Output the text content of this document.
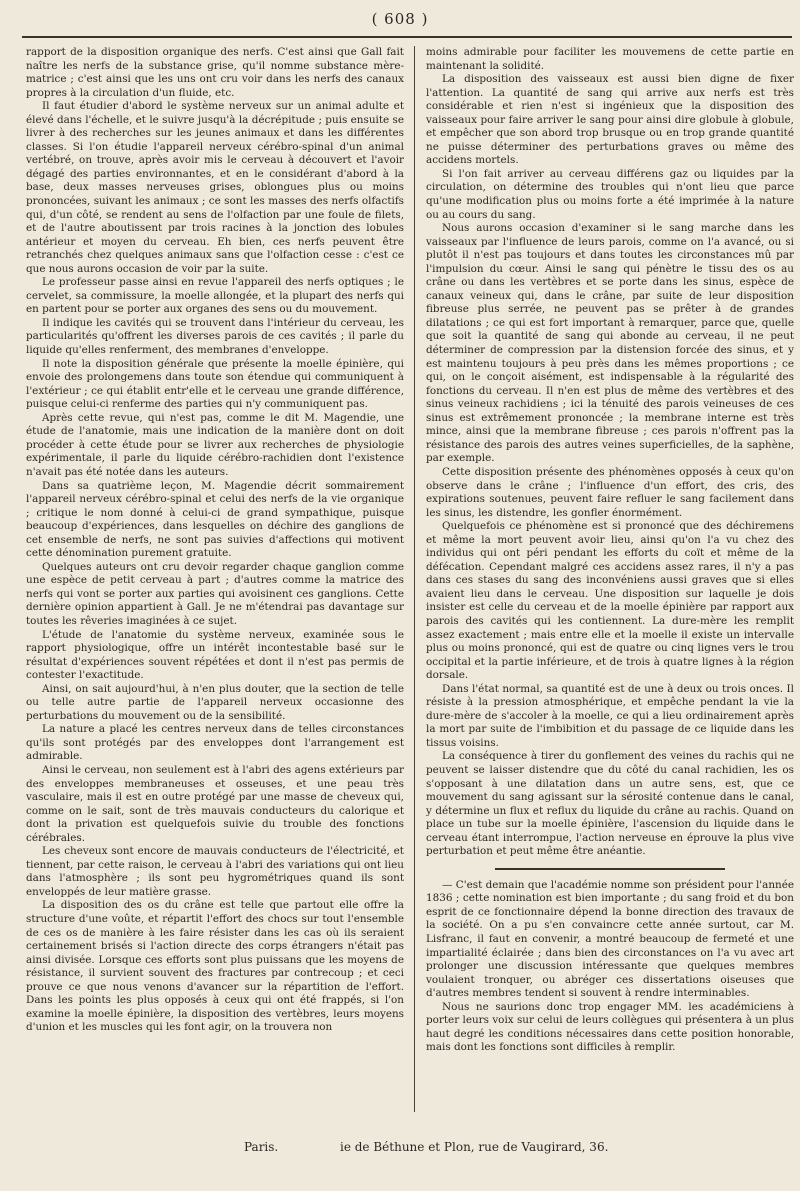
( 608 )

rapport de la disposition organique des nerfs. C'est ainsi que Gall fait naître les nerfs de la substance grise, qu'il nomme substance mère-matrice ; c'est ainsi que les uns ont cru voir dans les nerfs des canaux propres à la circulation d'un fluide, etc.

Il faut étudier d'abord le système nerveux sur un animal adulte et élevé dans l'échelle, et le suivre jusqu'à la décrépitude ; puis ensuite se livrer à des recherches sur les jeunes animaux et dans les différentes classes. Si l'on étudie l'appareil nerveux cérébro-spinal d'un animal vertébré, on trouve, après avoir mis le cerveau à découvert et l'avoir dégagé des parties environnantes, et en le considérant d'abord à la base, deux masses nerveuses grises, oblongues plus ou moins prononcées, suivant les animaux ; ce sont les masses des nerfs olfactifs qui, d'un côté, se rendent au sens de l'olfaction par une foule de filets, et de l'autre aboutissent par trois racines à la jonction des lobules antérieur et moyen du cerveau. Eh bien, ces nerfs peuvent être retranchés chez quelques animaux sans que l'olfaction cesse : c'est ce que nous aurons occasion de voir par la suite.

Le professeur passe ainsi en revue l'appareil des nerfs optiques ; le cervelet, sa commissure, la moelle allongée, et la plupart des nerfs qui en partent pour se porter aux organes des sens ou du mouvement.

Il indique les cavités qui se trouvent dans l'intérieur du cerveau, les particularités qu'offrent les diverses parois de ces cavités ; il parle du liquide qu'elles renferment, des membranes d'enveloppe.

Il note la disposition générale que présente la moelle épinière, qui envoie des prolongemens dans toute son étendue qui communiquent à l'extérieur ; ce qui établit entr'elle et le cerveau une grande différence, puisque celui-ci renferme des parties qui n'y communiquent pas.

Après cette revue, qui n'est pas, comme le dit M. Magendie, une étude de l'anatomie, mais une indication de la manière dont on doit procéder à cette étude pour se livrer aux recherches de physiologie expérimentale, il parle du liquide cérébro-rachidien dont l'existence n'avait pas été notée dans les auteurs.

Dans sa quatrième leçon, M. Magendie décrit sommairement l'appareil nerveux cérébro-spinal et celui des nerfs de la vie organique ; critique le nom donné à celui-ci de grand sympathique, puisque beaucoup d'expériences, dans lesquelles on déchire des ganglions de cet ensemble de nerfs, ne sont pas suivies d'affections qui motivent cette dénomination purement gratuite.

Quelques auteurs ont cru devoir regarder chaque ganglion comme une espèce de petit cerveau à part ; d'autres comme la matrice des nerfs qui vont se porter aux parties qui avoisinent ces ganglions. Cette dernière opinion appartient à Gall. Je ne m'étendrai pas davantage sur toutes les rêveries imaginées à ce sujet.

L'étude de l'anatomie du système nerveux, examinée sous le rapport physiologique, offre un intérêt incontestable basé sur le résultat d'expériences souvent répétées et dont il n'est pas permis de contester l'exactitude.

Ainsi, on sait aujourd'hui, à n'en plus douter, que la section de telle ou telle autre partie de l'appareil nerveux occasionne des perturbations du mouvement ou de la sensibilité.

La nature a placé les centres nerveux dans de telles circonstances qu'ils sont protégés par des enveloppes dont l'arrangement est admirable.

Ainsi le cerveau, non seulement est à l'abri des agens extérieurs par des enveloppes membraneuses et osseuses, et une peau très vasculaire, mais il est en outre protégé par une masse de cheveux qui, comme on le sait, sont de très mauvais conducteurs du calorique et dont la privation est quelquefois suivie du trouble des fonctions cérébrales.

Les cheveux sont encore de mauvais conducteurs de l'électricité, et tiennent, par cette raison, le cerveau à l'abri des variations qui ont lieu dans l'atmosphère ; ils sont peu hygrométriques quand ils sont enveloppés de leur matière grasse.

La disposition des os du crâne est telle que partout elle offre la structure d'une voûte, et répartit l'effort des chocs sur tout l'ensemble de ces os de manière à les faire résister dans les cas où ils seraient certainement brisés si l'action directe des corps étrangers n'était pas ainsi divisée. Lorsque ces efforts sont plus puissans que les moyens de résistance, il survient souvent des fractures par contrecoup ; et ceci prouve ce que nous venons d'avancer sur la répartition de l'effort. Dans les points les plus opposés à ceux qui ont été frappés, si l'on examine la moelle épinière, la disposition des vertèbres, leurs moyens d'union et les muscles qui les font agir, on la trouvera non

moins admirable pour faciliter les mouvemens de cette partie en maintenant la solidité.

La disposition des vaisseaux est aussi bien digne de fixer l'attention. La quantité de sang qui arrive aux nerfs est très considérable et rien n'est si ingénieux que la disposition des vaisseaux pour faire arriver le sang pour ainsi dire globule à globule, et empêcher que son abord trop brusque ou en trop grande quantité ne puisse déterminer des perturbations graves ou même des accidens mortels.

Si l'on fait arriver au cerveau différens gaz ou liquides par la circulation, on détermine des troubles qui n'ont lieu que parce qu'une modification plus ou moins forte a été imprimée à la nature ou au cours du sang.

Nous aurons occasion d'examiner si le sang marche dans les vaisseaux par l'influence de leurs parois, comme on l'a avancé, ou si plutôt il n'est pas toujours et dans toutes les circonstances mû par l'impulsion du cœur. Ainsi le sang qui pénètre le tissu des os au crâne ou dans les vertèbres et se porte dans les sinus, espèce de canaux veineux qui, dans le crâne, par suite de leur disposition fibreuse plus serrée, ne peuvent pas se prêter à de grandes dilatations ; ce qui est fort important à remarquer, parce que, quelle que soit la quantité de sang qui abonde au cerveau, il ne peut déterminer de compression par la distension forcée des sinus, et y est maintenu toujours à peu près dans les mêmes proportions ; ce qui, on le conçoit aisément, est indispensable à la régularité des fonctions du cerveau. Il n'en est plus de même des vertèbres et des sinus veineux rachidiens ; ici la ténuité des parois veineuses de ces sinus est extrêmement prononcée ; la membrane interne est très mince, ainsi que la membrane fibreuse ; ces parois n'offrent pas la résistance des parois des autres veines superficielles, de la saphène, par exemple.

Cette disposition présente des phénomènes opposés à ceux qu'on observe dans le crâne ; l'influence d'un effort, des cris, des expirations soutenues, peuvent faire refluer le sang facilement dans les sinus, les distendre, les gonfler énormément.

Quelquefois ce phénomène est si prononcé que des déchiremens et même la mort peuvent avoir lieu, ainsi qu'on l'a vu chez des individus qui ont péri pendant les efforts du coït et même de la défécation. Cependant malgré ces accidens assez rares, il n'y a pas dans ces stases du sang des inconvéniens aussi graves que si elles avaient lieu dans le cerveau. Une disposition sur laquelle je dois insister est celle du cerveau et de la moelle épinière par rapport aux parois des cavités qui les contiennent. La dure-mère les remplit assez exactement ; mais entre elle et la moelle il existe un intervalle plus ou moins prononcé, qui est de quatre ou cinq lignes vers le trou occipital et la partie inférieure, et de trois à quatre lignes à la région dorsale.

Dans l'état normal, sa quantité est de une à deux ou trois onces. Il résiste à la pression atmosphérique, et empêche pendant la vie la dure-mère de s'accoler à la moelle, ce qui a lieu ordinairement après la mort par suite de l'imbibition et du passage de ce liquide dans les tissus voisins.

La conséquence à tirer du gonflement des veines du rachis qui ne peuvent se laisser distendre que du côté du canal rachidien, les os s'opposant à une dilatation dans un autre sens, est, que ce mouvement du sang agissant sur la sérosité contenue dans le canal, y détermine un flux et reflux du liquide du crâne au rachis. Quand on place un tube sur la moelle épinière, l'ascension du liquide dans le cerveau étant interrompue, l'action nerveuse en éprouve la plus vive perturbation et peut même être anéantie.

— C'est demain que l'académie nomme son président pour l'année 1836 ; cette nomination est bien importante ; du sang froid et du bon esprit de ce fonctionnaire dépend la bonne direction des travaux de la société. On a pu s'en convaincre cette année surtout, car M. Lisfranc, il faut en convenir, a montré beaucoup de fermeté et une impartialité éclairée ; dans bien des circonstances on l'a vu avec art prolonger une discussion intéressante que quelques membres voulaient tronquer, ou abréger ces dissertations oiseuses que d'autres membres tendent si souvent à rendre interminables.

Nous ne saurions donc trop engager MM. les académiciens à porter leurs voix sur celui de leurs collègues qui présentera à un plus haut degré les conditions nécessaires dans cette position honorable, mais dont les fonctions sont difficiles à remplir.

Paris.	ie de Béthune et Plon, rue de Vaugirard, 36.
